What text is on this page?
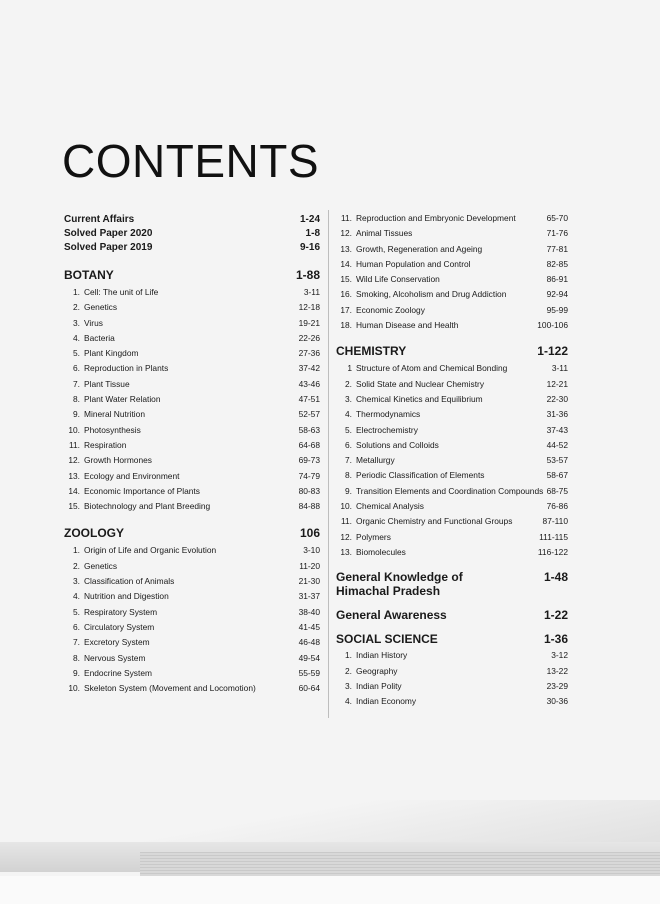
CONTENTS
Current Affairs	1-24
Solved Paper 2020	1-8
Solved Paper 2019	9-16
BOTANY	1-88
1. Cell: The unit of Life	3-11
2. Genetics	12-18
3. Virus	19-21
4. Bacteria	22-26
5. Plant Kingdom	27-36
6. Reproduction in Plants	37-42
7. Plant Tissue	43-46
8. Plant Water Relation	47-51
9. Mineral Nutrition	52-57
10. Photosynthesis	58-63
11. Respiration	64-68
12. Growth Hormones	69-73
13. Ecology and Environment	74-79
14. Economic Importance of Plants	80-83
15. Biotechnology and Plant Breeding	84-88
ZOOLOGY	106
1. Origin of Life and Organic Evolution	3-10
2. Genetics	11-20
3. Classification of Animals	21-30
4. Nutrition and Digestion	31-37
5. Respiratory System	38-40
6. Circulatory System	41-45
7. Excretory System	46-48
8. Nervous System	49-54
9. Endocrine System	55-59
10. Skeleton System (Movement and Locomotion)	60-64
11. Reproduction and Embryonic Development	65-70
12. Animal Tissues	71-76
13. Growth, Regeneration and Ageing	77-81
14. Human Population and Control	82-85
15. Wild Life Conservation	86-91
16. Smoking, Alcoholism and Drug Addiction	92-94
17. Economic Zoology	95-99
18. Human Disease and Health	100-106
CHEMISTRY	1-122
1 Structure of Atom and Chemical Bonding	3-11
2. Solid State and Nuclear Chemistry	12-21
3. Chemical Kinetics and Equilibrium	22-30
4. Thermodynamics	31-36
5. Electrochemistry	37-43
6. Solutions and Colloids	44-52
7. Metallurgy	53-57
8. Periodic Classification of Elements	58-67
9. Transition Elements and Coordination Compounds 68-75
10. Chemical Analysis	76-86
11. Organic Chemistry and Functional Groups	87-110
12. Polymers	111-115
13. Biomolecules	116-122
General Knowledge of
Himachal Pradesh
1-48
General Awareness	1-22
SOCIAL SCIENCE	1-36
1. Indian History	3-12
2. Geography	13-22
3. Indian Polity	23-29
4. Indian Economy	30-36
